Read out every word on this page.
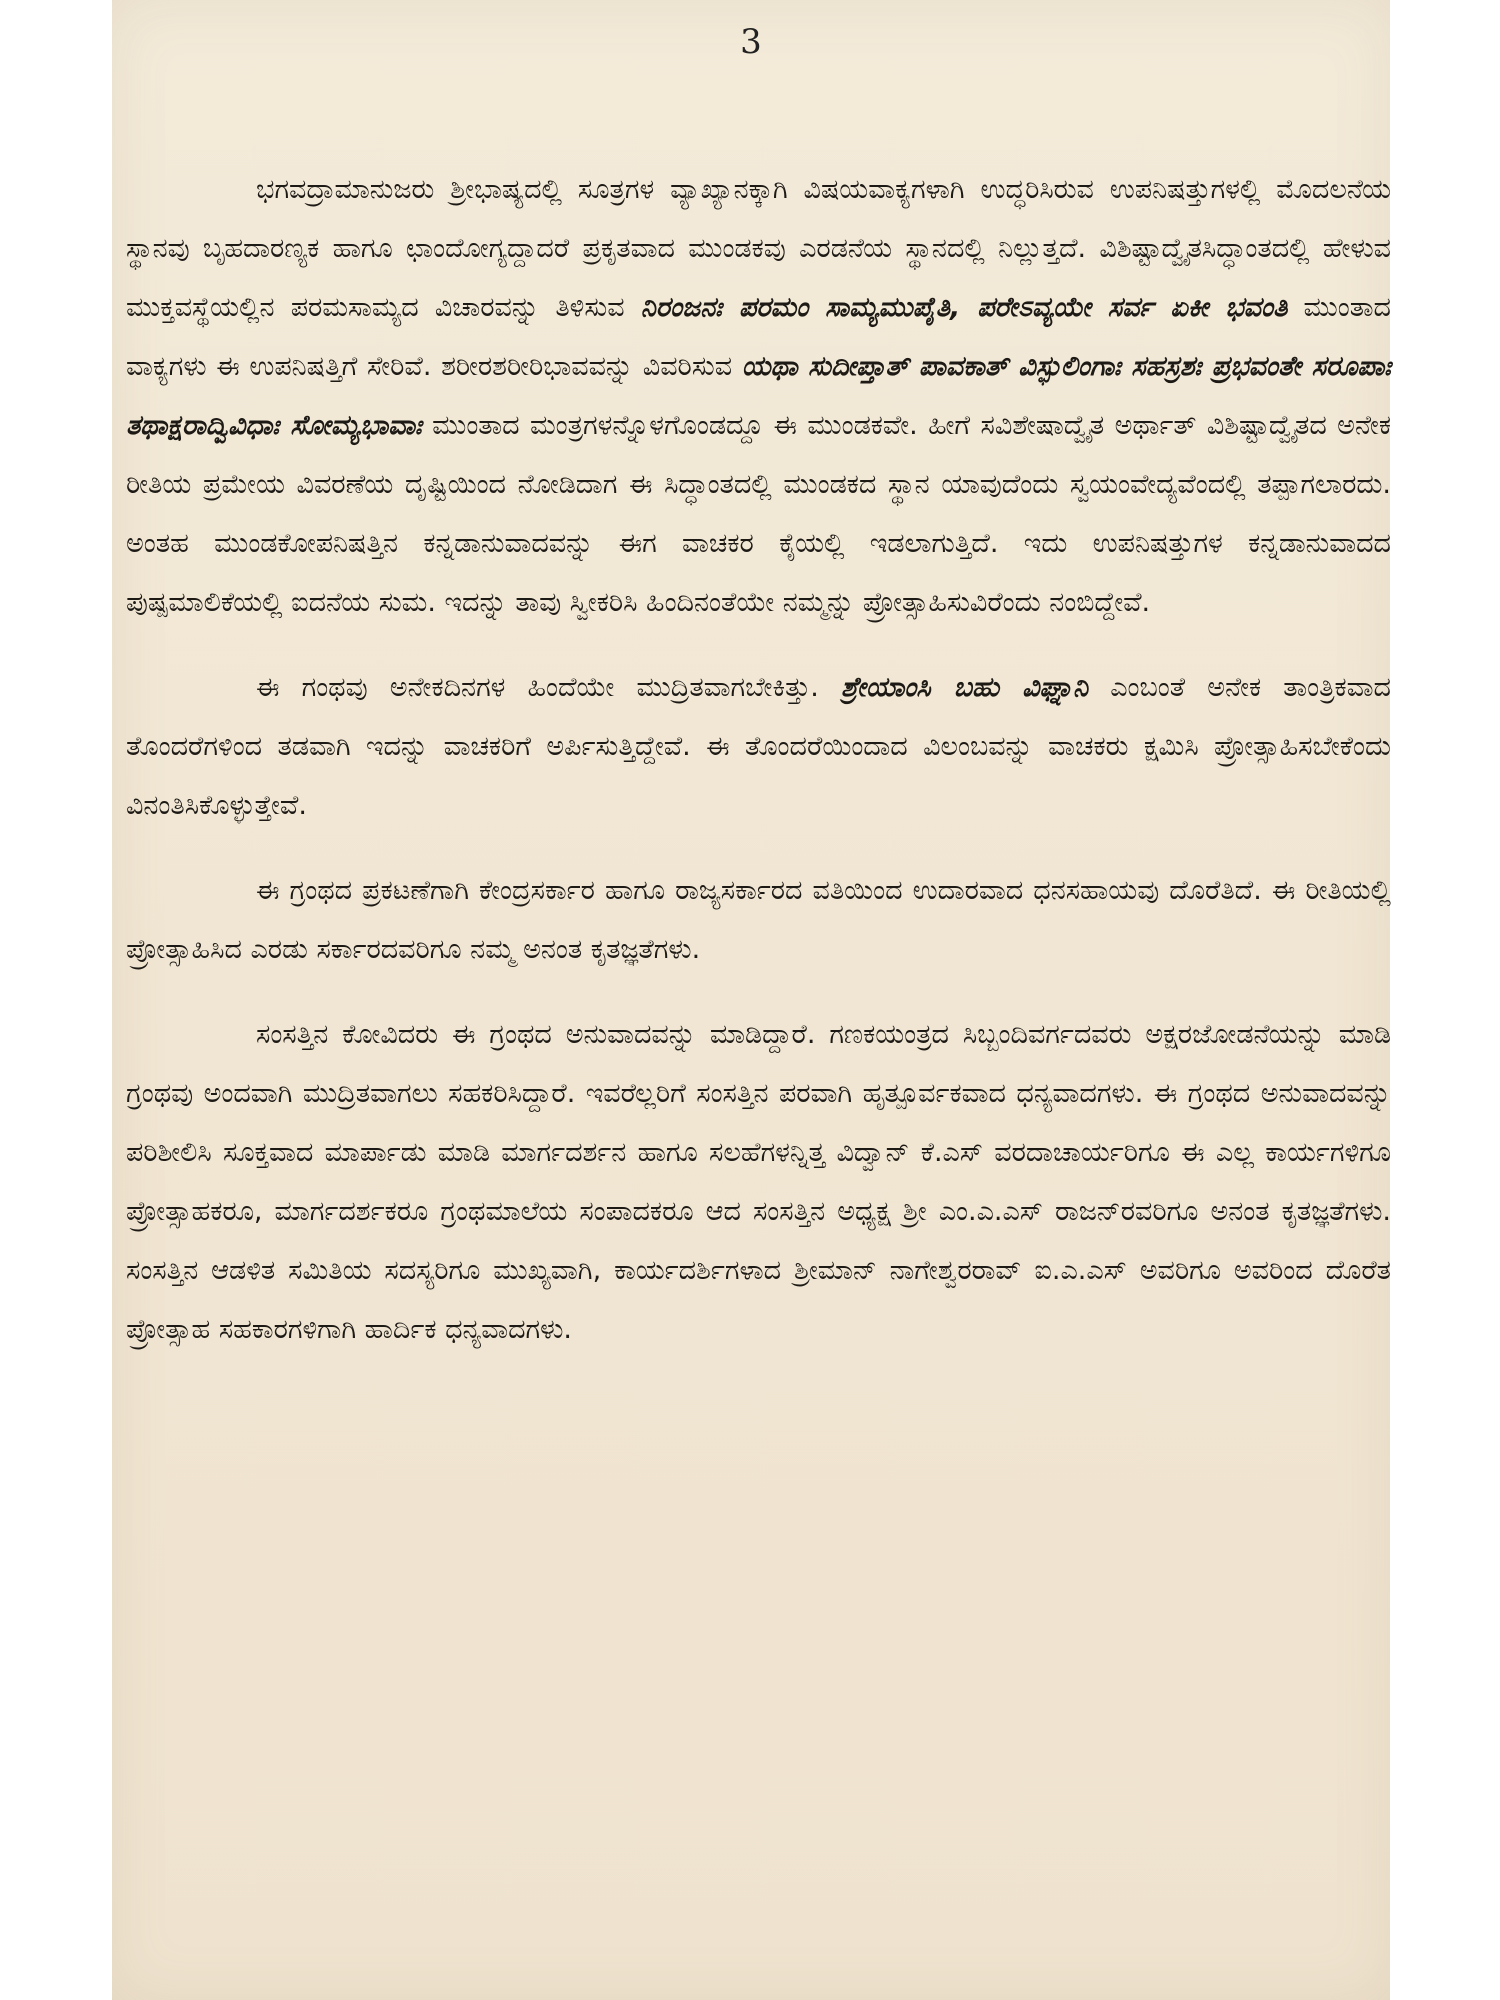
3

ಭಗವದ್ರಾಮಾನುಜರು ಶ್ರೀಭಾಷ್ಯದಲ್ಲಿ ಸೂತ್ರಗಳ ವ್ಯಾಖ್ಯಾನಕ್ಕಾಗಿ ವಿಷಯವಾಕ್ಯಗಳಾಗಿ ಉದ್ಧರಿಸಿರುವ ಉಪನಿಷತ್ತುಗಳಲ್ಲಿ ಮೊದಲನೆಯ ಸ್ಥಾನವು ಬೃಹದಾರಣ್ಯಕ ಹಾಗೂ ಛಾಂದೋಗ್ಯದ್ದಾದರೆ ಪ್ರಕೃತವಾದ ಮುಂಡಕವು ಎರಡನೆಯ ಸ್ಥಾನದಲ್ಲಿ ನಿಲ್ಲುತ್ತದೆ. ವಿಶಿಷ್ಟಾದ್ವೈತಸಿದ್ಧಾಂತದಲ್ಲಿ ಹೇಳುವ ಮುಕ್ತವಸ್ಥೆಯಲ್ಲಿನ ಪರಮಸಾಮ್ಯದ ವಿಚಾರವನ್ನು ತಿಳಿಸುವ ನಿರಂಜನಃ ಪರಮಂ ಸಾಮ್ಯಮುಪೈತಿ, ಪರೇಽವ್ಯಯೇ ಸರ್ವ ಏಕೀ ಭವಂತಿ ಮುಂತಾದ ವಾಕ್ಯಗಳು ಈ ಉಪನಿಷತ್ತಿಗೆ ಸೇರಿವೆ. ಶರೀರಶರೀರಿಭಾವವನ್ನು ವಿವರಿಸುವ ಯಥಾ ಸುದೀಪ್ತಾತ್ ಪಾವಕಾತ್ ವಿಸ್ಫುಲಿಂಗಾಃ ಸಹಸ್ರಶಃ ಪ್ರಭವಂತೇ ಸರೂಪಾಃ ತಥಾಕ್ಷರಾದ್ವಿವಿಧಾಃ ಸೋಮ್ಯಭಾವಾಃ ಮುಂತಾದ ಮಂತ್ರಗಳನ್ನೊಳಗೊಂಡದ್ದೂ ಈ ಮುಂಡಕವೇ. ಹೀಗೆ ಸವಿಶೇಷಾದ್ವೈತ ಅರ್ಥಾತ್ ವಿಶಿಷ್ಟಾದ್ವೈತದ ಅನೇಕ ರೀತಿಯ ಪ್ರಮೇಯ ವಿವರಣೆಯ ದೃಷ್ಟಿಯಿಂದ ನೋಡಿದಾಗ ಈ ಸಿದ್ಧಾಂತದಲ್ಲಿ ಮುಂಡಕದ ಸ್ಥಾನ ಯಾವುದೆಂದು ಸ್ವಯಂವೇದ್ಯವೆಂದಲ್ಲಿ ತಪ್ಪಾಗಲಾರದು. ಅಂತಹ ಮುಂಡಕೋಪನಿಷತ್ತಿನ ಕನ್ನಡಾನುವಾದವನ್ನು ಈಗ ವಾಚಕರ ಕೈಯಲ್ಲಿ ಇಡಲಾಗುತ್ತಿದೆ. ಇದು ಉಪನಿಷತ್ತುಗಳ ಕನ್ನಡಾನುವಾದದ ಪುಷ್ಪಮಾಲಿಕೆಯಲ್ಲಿ ಐದನೆಯ ಸುಮ. ಇದನ್ನು ತಾವು ಸ್ವೀಕರಿಸಿ ಹಿಂದಿನಂತೆಯೇ ನಮ್ಮನ್ನು ಪ್ರೋತ್ಸಾಹಿಸುವಿರೆಂದು ನಂಬಿದ್ದೇವೆ.

ಈ ಗಂಥವು ಅನೇಕದಿನಗಳ ಹಿಂದೆಯೇ ಮುದ್ರಿತವಾಗಬೇಕಿತ್ತು. ಶ್ರೇಯಾಂಸಿ ಬಹು ವಿಘ್ನಾನಿ ಎಂಬಂತೆ ಅನೇಕ ತಾಂತ್ರಿಕವಾದ ತೊಂದರೆಗಳಿಂದ ತಡವಾಗಿ ಇದನ್ನು ವಾಚಕರಿಗೆ ಅರ್ಪಿಸುತ್ತಿದ್ದೇವೆ. ಈ ತೊಂದರೆಯಿಂದಾದ ವಿಲಂಬವನ್ನು ವಾಚಕರು ಕ್ಷಮಿಸಿ ಪ್ರೋತ್ಸಾಹಿಸಬೇಕೆಂದು ವಿನಂತಿಸಿಕೊಳ್ಳುತ್ತೇವೆ.

ಈ ಗ್ರಂಥದ ಪ್ರಕಟಣೆಗಾಗಿ ಕೇಂದ್ರಸರ್ಕಾರ ಹಾಗೂ ರಾಜ್ಯಸರ್ಕಾರದ ವತಿಯಿಂದ ಉದಾರವಾದ ಧನಸಹಾಯವು ದೊರೆತಿದೆ. ಈ ರೀತಿಯಲ್ಲಿ ಪ್ರೋತ್ಸಾಹಿಸಿದ ಎರಡು ಸರ್ಕಾರದವರಿಗೂ ನಮ್ಮ ಅನಂತ ಕೃತಜ್ಞತೆಗಳು.

ಸಂಸತ್ತಿನ ಕೋವಿದರು ಈ ಗ್ರಂಥದ ಅನುವಾದವನ್ನು ಮಾಡಿದ್ದಾರೆ. ಗಣಕಯಂತ್ರದ ಸಿಬ್ಬಂದಿವರ್ಗದವರು ಅಕ್ಷರಜೋಡನೆಯನ್ನು ಮಾಡಿ ಗ್ರಂಥವು ಅಂದವಾಗಿ ಮುದ್ರಿತವಾಗಲು ಸಹಕರಿಸಿದ್ದಾರೆ. ಇವರೆಲ್ಲರಿಗೆ ಸಂಸತ್ತಿನ ಪರವಾಗಿ ಹೃತ್ಪೂರ್ವಕವಾದ ಧನ್ಯವಾದಗಳು. ಈ ಗ್ರಂಥದ ಅನುವಾದವನ್ನು ಪರಿಶೀಲಿಸಿ ಸೂಕ್ತವಾದ ಮಾರ್ಪಾಡು ಮಾಡಿ ಮಾರ್ಗದರ್ಶನ ಹಾಗೂ ಸಲಹೆಗಳನ್ನಿತ್ತ ವಿದ್ವಾನ್ ಕೆ.ಎಸ್ ವರದಾಚಾರ್ಯರಿಗೂ ಈ ಎಲ್ಲ ಕಾರ್ಯಗಳಿಗೂ ಪ್ರೋತ್ಸಾಹಕರೂ, ಮಾರ್ಗದರ್ಶಕರೂ ಗ್ರಂಥಮಾಲೆಯ ಸಂಪಾದಕರೂ ಆದ ಸಂಸತ್ತಿನ ಅಧ್ಯಕ್ಷ ಶ್ರೀ ಎಂ.ಎ.ಎಸ್ ರಾಜನ್‌ರವರಿಗೂ ಅನಂತ ಕೃತಜ್ಞತೆಗಳು. ಸಂಸತ್ತಿನ ಆಡಳಿತ ಸಮಿತಿಯ ಸದಸ್ಯರಿಗೂ ಮುಖ್ಯವಾಗಿ, ಕಾರ್ಯದರ್ಶಿಗಳಾದ ಶ್ರೀಮಾನ್ ನಾಗೇಶ್ವರರಾವ್ ಐ.ಎ.ಎಸ್ ಅವರಿಗೂ ಅವರಿಂದ ದೊರೆತ ಪ್ರೋತ್ಸಾಹ ಸಹಕಾರಗಳಿಗಾಗಿ ಹಾರ್ದಿಕ ಧನ್ಯವಾದಗಳು.
